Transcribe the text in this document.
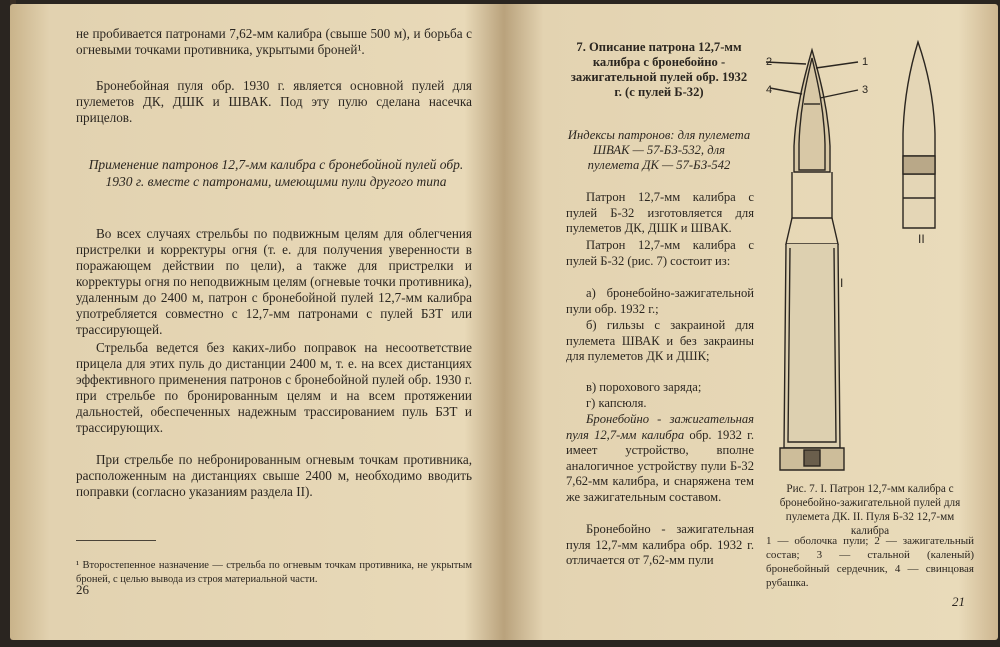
не пробивается патронами 7,62-мм калибра (свыше 500 м), и борьба с огневыми точками противника, укрытыми броней¹.

Бронебойная пуля обр. 1930 г. является основной пулей для пулеметов ДК, ДШК и ШВАК. Под эту пулю сделана насечка прицелов.

Применение патронов 12,7-мм калибра с бронебойной пулей обр. 1930 г. вместе с патронами, имеющими пули другого типа

Во всех случаях стрельбы по подвижным целям для облегчения пристрелки и корректуры огня (т. е. для получения уверенности в поражающем действии по цели), а также для пристрелки и корректуры огня по неподвижным целям (огневые точки противника), удаленным до 2400 м, патрон с бронебойной пулей 12,7-мм калибра употребляется совместно с 12,7-мм патронами с пулей БЗТ или трассирующей.

Стрельба ведется без каких-либо поправок на несоответствие прицела для этих пуль до дистанции 2400 м, т. е. на всех дистанциях эффективного применения патронов с бронебойной пулей обр. 1930 г. при стрельбе по бронированным целям и на всем протяжении дальностей, обеспеченных надежным трассированием пуль БЗТ и трассирующих.

При стрельбе по небронированным огневым точкам противника, расположенным на дистанциях свыше 2400 м, необходимо вводить поправки (согласно указаниям раздела II).

¹ Второстепенное назначение — стрельба по огневым точкам противника, не укрытым броней, с целью вывода из строя материальной части.

26
7. Описание патрона 12,7-мм калибра с бронебойно - зажигательной пулей обр. 1932 г. (с пулей Б-32)
Индексы патронов: для пулемета ШВАК — 57-БЗ-532, для пулемета ДК — 57-БЗ-542

Патрон 12,7-мм калибра с пулей Б-32 изготовляется для пулеметов ДК, ДШК и ШВАК.

Патрон 12,7-мм калибра с пулей Б-32 (рис. 7) состоит из:

а) бронебойно-зажигательной пули обр. 1932 г.;

б) гильзы с закраиной для пулемета ШВАК и без закраины для пулеметов ДК и ДШК;

в) порохового заряда;

г) капсюля.

Бронебойно - зажигательная пуля 12,7-мм калибра обр. 1932 г. имеет устройство, вполне аналогичное устройству пули Б-32 7,62-мм калибра, и снаряжена тем же зажигательным составом.

Бронебойно - зажигательная пуля 12,7-мм калибра обр. 1932 г. отличается от 7,62-мм пули

2	1
4	3
I
II
Рис. 7. I. Патрон 12,7-мм калибра с бронебойно-зажигательной пулей для пулемета ДК. II. Пуля Б-32 12,7-мм калибра
1 — оболочка пули; 2 — зажигательный состав; 3 — стальной (каленый) бронебойный сердечник, 4 — свинцовая рубашка.
21
